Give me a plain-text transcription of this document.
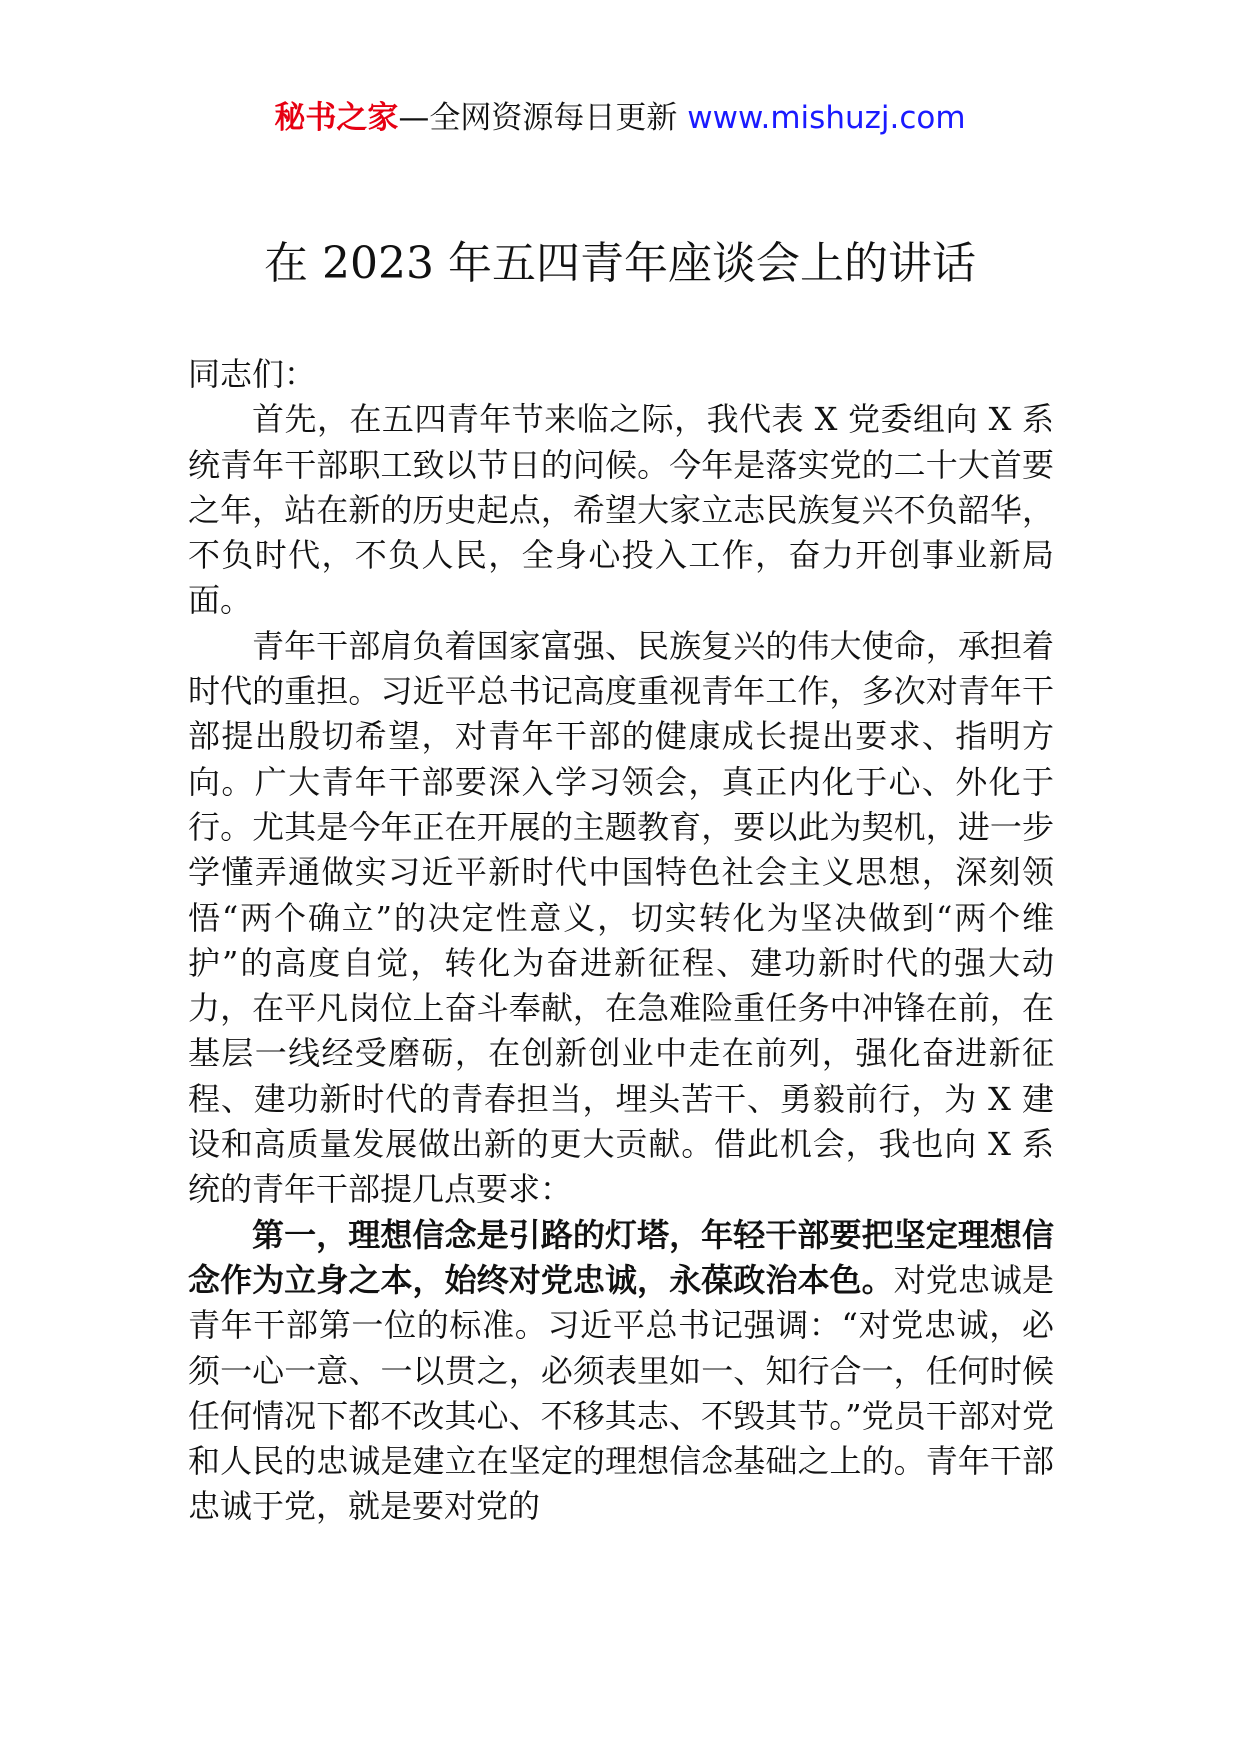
秘书之家—全网资源每日更新 www.mishuzj.com
在 2023 年五四青年座谈会上的讲话

同志们：

首先，在五四青年节来临之际，我代表 X 党委组向 X 系统青年干部职工致以节日的问候。今年是落实党的二十大首要之年，站在新的历史起点，希望大家立志民族复兴不负韶华，不负时代，不负人民，全身心投入工作，奋力开创事业新局面。

青年干部肩负着国家富强、民族复兴的伟大使命，承担着时代的重担。习近平总书记高度重视青年工作，多次对青年干部提出殷切希望，对青年干部的健康成长提出要求、指明方向。广大青年干部要深入学习领会，真正内化于心、外化于行。尤其是今年正在开展的主题教育，要以此为契机，进一步学懂弄通做实习近平新时代中国特色社会主义思想，深刻领悟“两个确立”的决定性意义，切实转化为坚决做到“两个维护”的高度自觉，转化为奋进新征程、建功新时代的强大动力，在平凡岗位上奋斗奉献，在急难险重任务中冲锋在前，在基层一线经受磨砺，在创新创业中走在前列，强化奋进新征程、建功新时代的青春担当，埋头苦干、勇毅前行，为 X 建设和高质量发展做出新的更大贡献。借此机会，我也向 X 系统的青年干部提几点要求：

第一，理想信念是引路的灯塔，年轻干部要把坚定理想信念作为立身之本，始终对党忠诚，永葆政治本色。对党忠诚是青年干部第一位的标准。习近平总书记强调：“对党忠诚，必须一心一意、一以贯之，必须表里如一、知行合一，任何时候任何情况下都不改其心、不移其志、不毁其节。”党员干部对党和人民的忠诚是建立在坚定的理想信念基础之上的。青年干部忠诚于党，就是要对党的
